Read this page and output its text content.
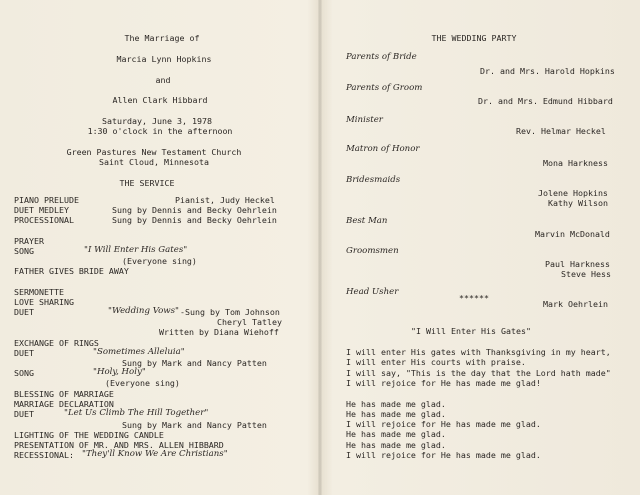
The Marriage of
Marcia Lynn Hopkins
and
Allen Clark Hibbard
Saturday, June 3, 1978
1:30 o'clock in the afternoon
Green Pastures New Testament Church
Saint Cloud, Minnesota
THE SERVICE
PIANO PRELUDE	Pianist, Judy Heckel
DUET MEDLEY	Sung by Dennis and Becky Oehrlein
PROCESSIONAL	Sung by Dennis and Becky Oehrlein
PRAYER
SONG	"I Will Enter His Gates"
(Everyone sing)
FATHER GIVES BRIDE AWAY
SERMONETTE
LOVE SHARING
DUET	"Wedding Vows" -Sung by Tom Johnson
Cheryl Tatley
Written by Diana Wiehoff
EXCHANGE OF RINGS
DUET	"Sometimes Alleluia"
Sung by Mark and Nancy Patten
SONG	"Holy, Holy"
(Everyone sing)
BLESSING OF MARRIAGE
MARRIAGE DECLARATION
DUET	"Let Us Climb The Hill Together"
Sung by Mark and Nancy Patten
LIGHTING OF THE WEDDING CANDLE
PRESENTATION OF MR. AND MRS. ALLEN HIBBARD
RECESSIONAL: "They'll Know We Are Christians"
THE WEDDING PARTY
Parents of Bride
Dr. and Mrs. Harold Hopkins
Parents of Groom
Dr. and Mrs. Edmund Hibbard
Minister
Rev. Helmar Heckel
Matron of Honor
Mona Harkness
Bridesmaids
Jolene Hopkins
Kathy Wilson
Best Man
Marvin McDonald
Groomsmen
Paul Harkness
Steve Hess
Head Usher
Mark Oehrlein
******
"I Will Enter His Gates"
I will enter His gates with Thanksgiving in my heart,
I will enter His courts with praise.
I will say, "This is the day that the Lord hath made"
I will rejoice for He has made me glad!
He has made me glad.
He has made me glad.
I will rejoice for He has made me glad.
He has made me glad.
He has made me glad.
I will rejoice for He has made me glad.
